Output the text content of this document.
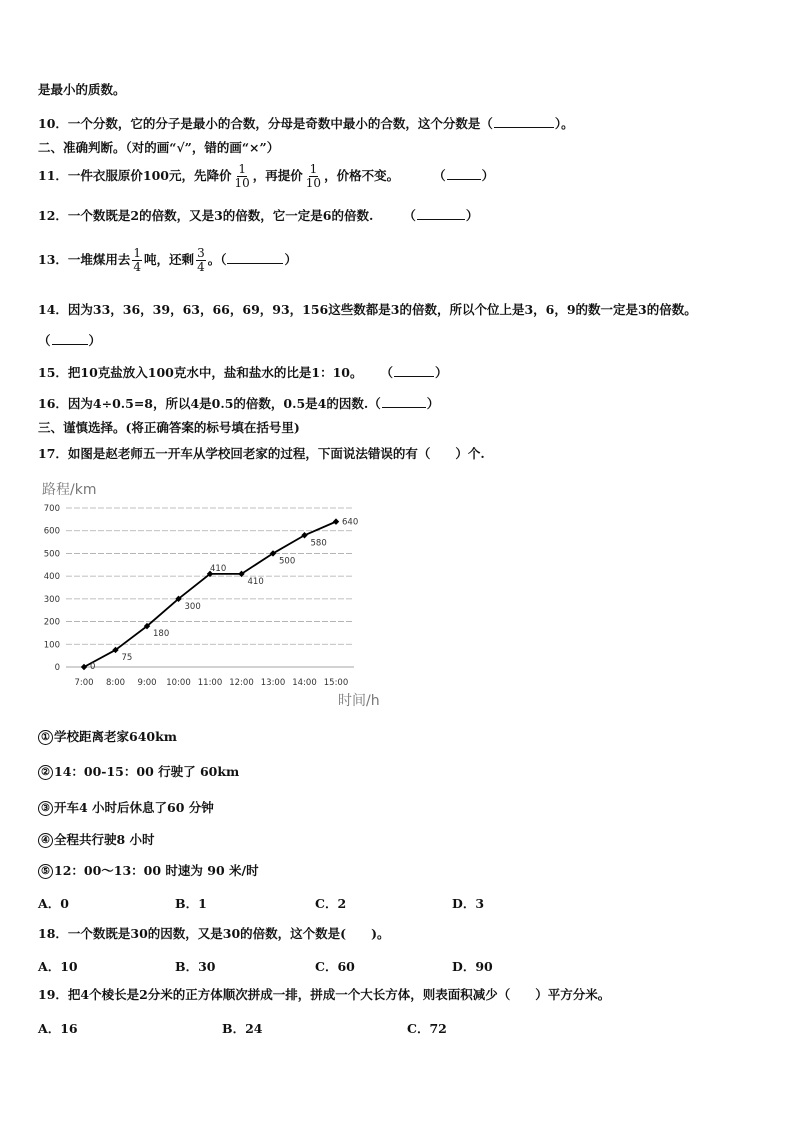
是最小的质数。
10．一个分数，它的分子是最小的合数，分母是奇数中最小的合数，这个分数是（	）。
二、准确判断。（对的画“√”，错的画“×”）
11．一件衣服原价100元，先降价 $\frac{1}{10}$ ，再提价 $\frac{1}{10}$ ，价格不变。	（	）
12．一个数既是2的倍数，又是3的倍数，它一定是6的倍数. （	）
13．一堆煤用去 $\frac{1}{4}$ 吨，还剩 $\frac{3}{4}$ 。（	）
14．因为33，36，39，63，66，69，93，156这些数都是3的倍数，所以个位上是3，6，9的数一定是3的倍数。
（	）
15．把10克盐放入100克水中，盐和盐水的比是1：10。 （	）
16．因为4÷0.5=8，所以4是0.5的倍数，0.5是4的因数.（	）
三、谨慎选择。(将正确答案的标号填在括号里)
17．如图是赵老师五一开车从学校回老家的过程，下面说法错误的有（　　）个.
路程/km
时间/h
0
100
200
300
400
500
600
700
7:00 8:00 9:00 10:00 11:00 12:00 13:00 14:00 15:00
0
75
180
300
410
410
500
580
640
① 学校距离老家640km
② 14：00-15：00 行驶了 60km
③ 开车4 小时后休息了60 分钟
④ 全程共行驶8 小时
⑤ 12：00～13：00 时速为 90 米/时
A．0	B．1	C．2	D．3
18．一个数既是30的因数，又是30的倍数，这个数是(　　)。
A．10	B．30	C．60	D．90
19．把4个棱长是2分米的正方体顺次拼成一排，拼成一个大长方体，则表面积减少（　　）平方分米。
A．16	B．24	C．72
